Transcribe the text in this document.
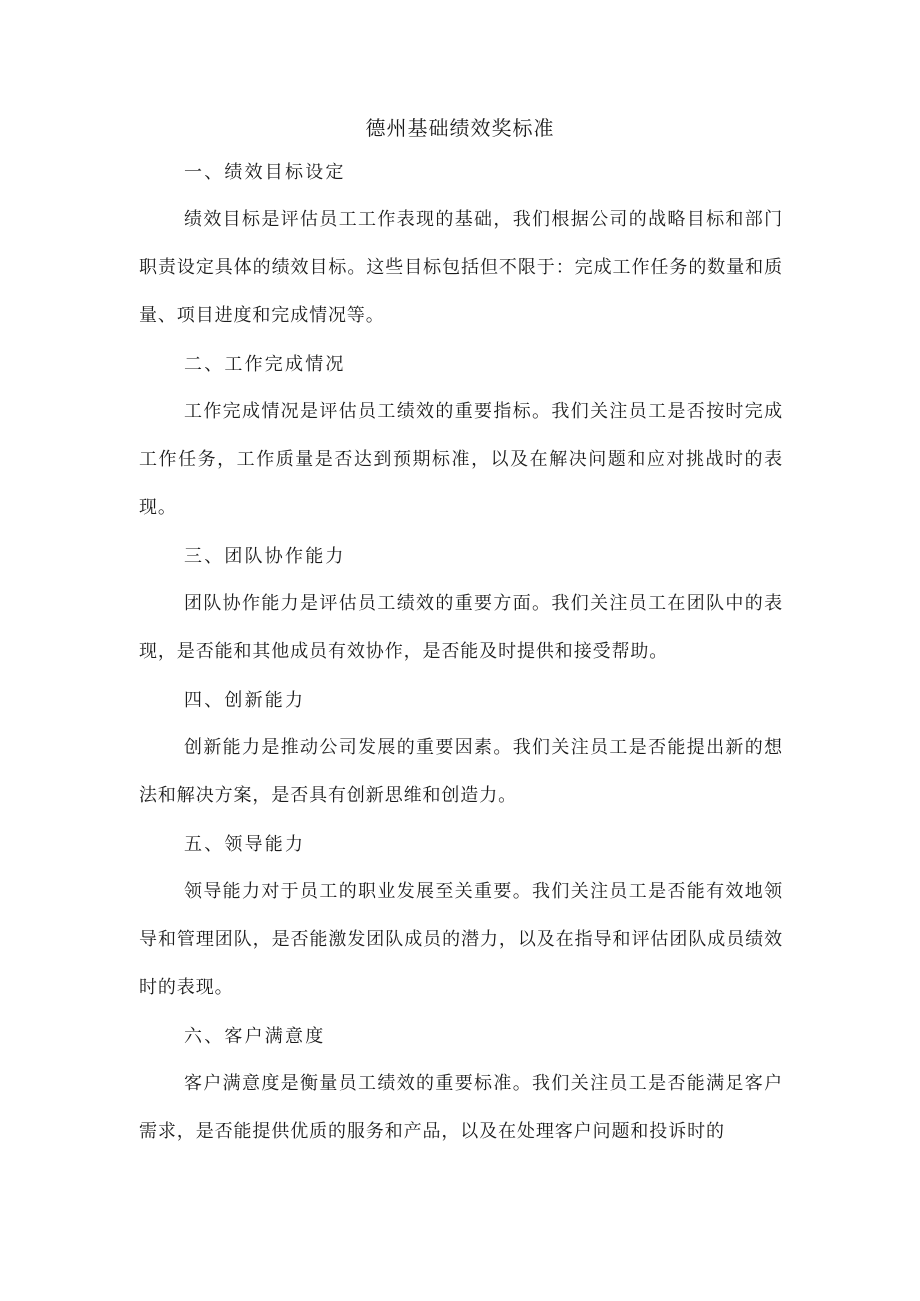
德州基础绩效奖标准
一、绩效目标设定

绩效目标是评估员工工作表现的基础，我们根据公司的战略目标和部门职责设定具体的绩效目标。这些目标包括但不限于：完成工作任务的数量和质量、项目进度和完成情况等。

二、工作完成情况

工作完成情况是评估员工绩效的重要指标。我们关注员工是否按时完成工作任务，工作质量是否达到预期标准，以及在解决问题和应对挑战时的表现。

三、团队协作能力

团队协作能力是评估员工绩效的重要方面。我们关注员工在团队中的表现，是否能和其他成员有效协作，是否能及时提供和接受帮助。

四、创新能力

创新能力是推动公司发展的重要因素。我们关注员工是否能提出新的想法和解决方案，是否具有创新思维和创造力。

五、领导能力

领导能力对于员工的职业发展至关重要。我们关注员工是否能有效地领导和管理团队，是否能激发团队成员的潜力，以及在指导和评估团队成员绩效时的表现。

六、客户满意度

客户满意度是衡量员工绩效的重要标准。我们关注员工是否能满足客户需求，是否能提供优质的服务和产品，以及在处理客户问题和投诉时的
